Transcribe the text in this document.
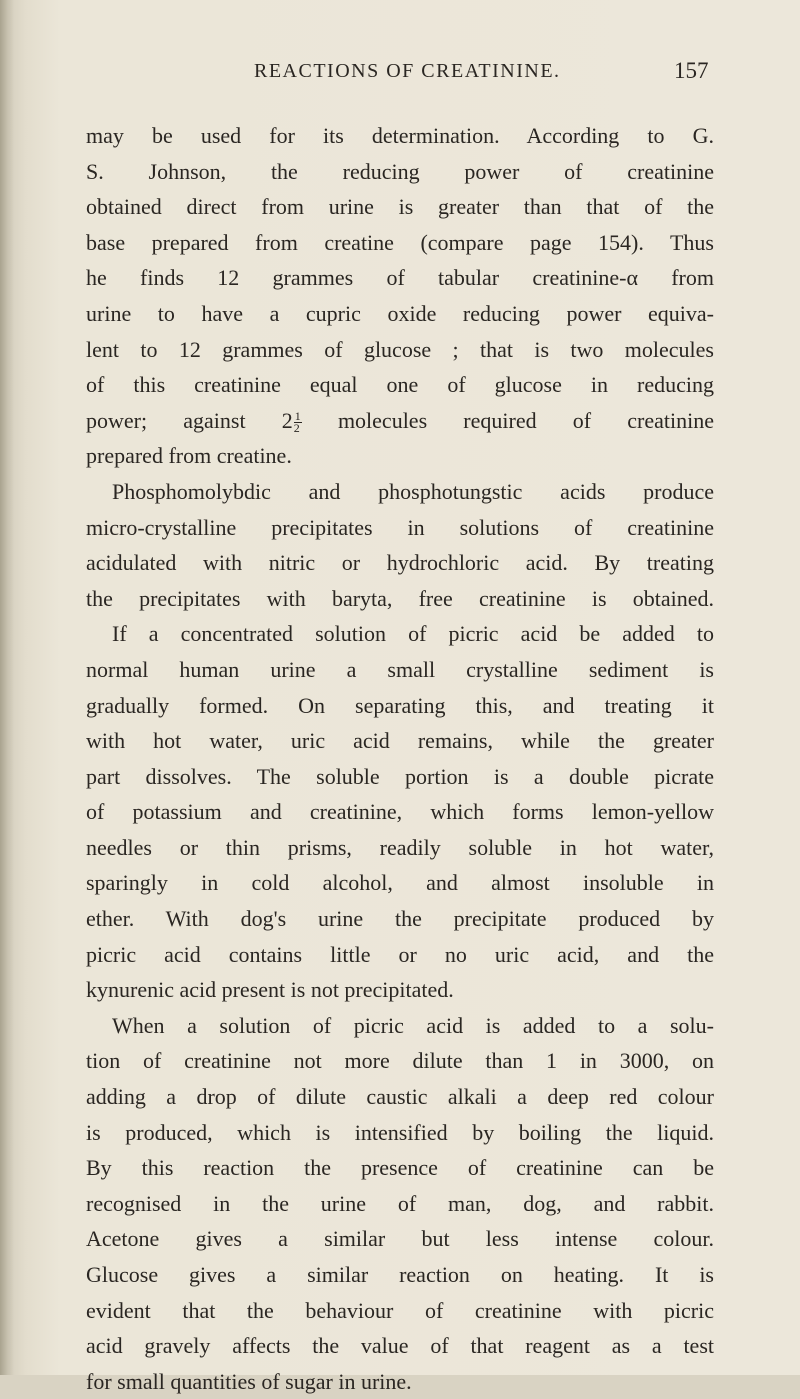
REACTIONS OF CREATININE.	157
may be used for its determination. According to G.
S. Johnson, the reducing power of creatinine
obtained direct from urine is greater than that of the
base prepared from creatine (compare page 154). Thus
he finds 12 grammes of tabular creatinine-α from
urine to have a cupric oxide reducing power equiva-
lent to 12 grammes of glucose ; that is two molecules
of this creatinine equal one of glucose in reducing
power; against $2 \frac{1}{2}$ molecules required of creatinine
prepared from creatine.
Phosphomolybdic and phosphotungstic acids produce
micro-crystalline precipitates in solutions of creatinine
acidulated with nitric or hydrochloric acid. By treating
the precipitates with baryta, free creatinine is obtained.
If a concentrated solution of picric acid be added to
normal human urine a small crystalline sediment is
gradually formed. On separating this, and treating it
with hot water, uric acid remains, while the greater
part dissolves. The soluble portion is a double picrate
of potassium and creatinine, which forms lemon-yellow
needles or thin prisms, readily soluble in hot water,
sparingly in cold alcohol, and almost insoluble in
ether. With dog's urine the precipitate produced by
picric acid contains little or no uric acid, and the
kynurenic acid present is not precipitated.
When a solution of picric acid is added to a solu-
tion of creatinine not more dilute than 1 in 3000, on
adding a drop of dilute caustic alkali a deep red colour
is produced, which is intensified by boiling the liquid.
By this reaction the presence of creatinine can be
recognised in the urine of man, dog, and rabbit.
Acetone gives a similar but less intense colour.
Glucose gives a similar reaction on heating. It is
evident that the behaviour of creatinine with picric
acid gravely affects the value of that reagent as a test
for small quantities of sugar in urine.
